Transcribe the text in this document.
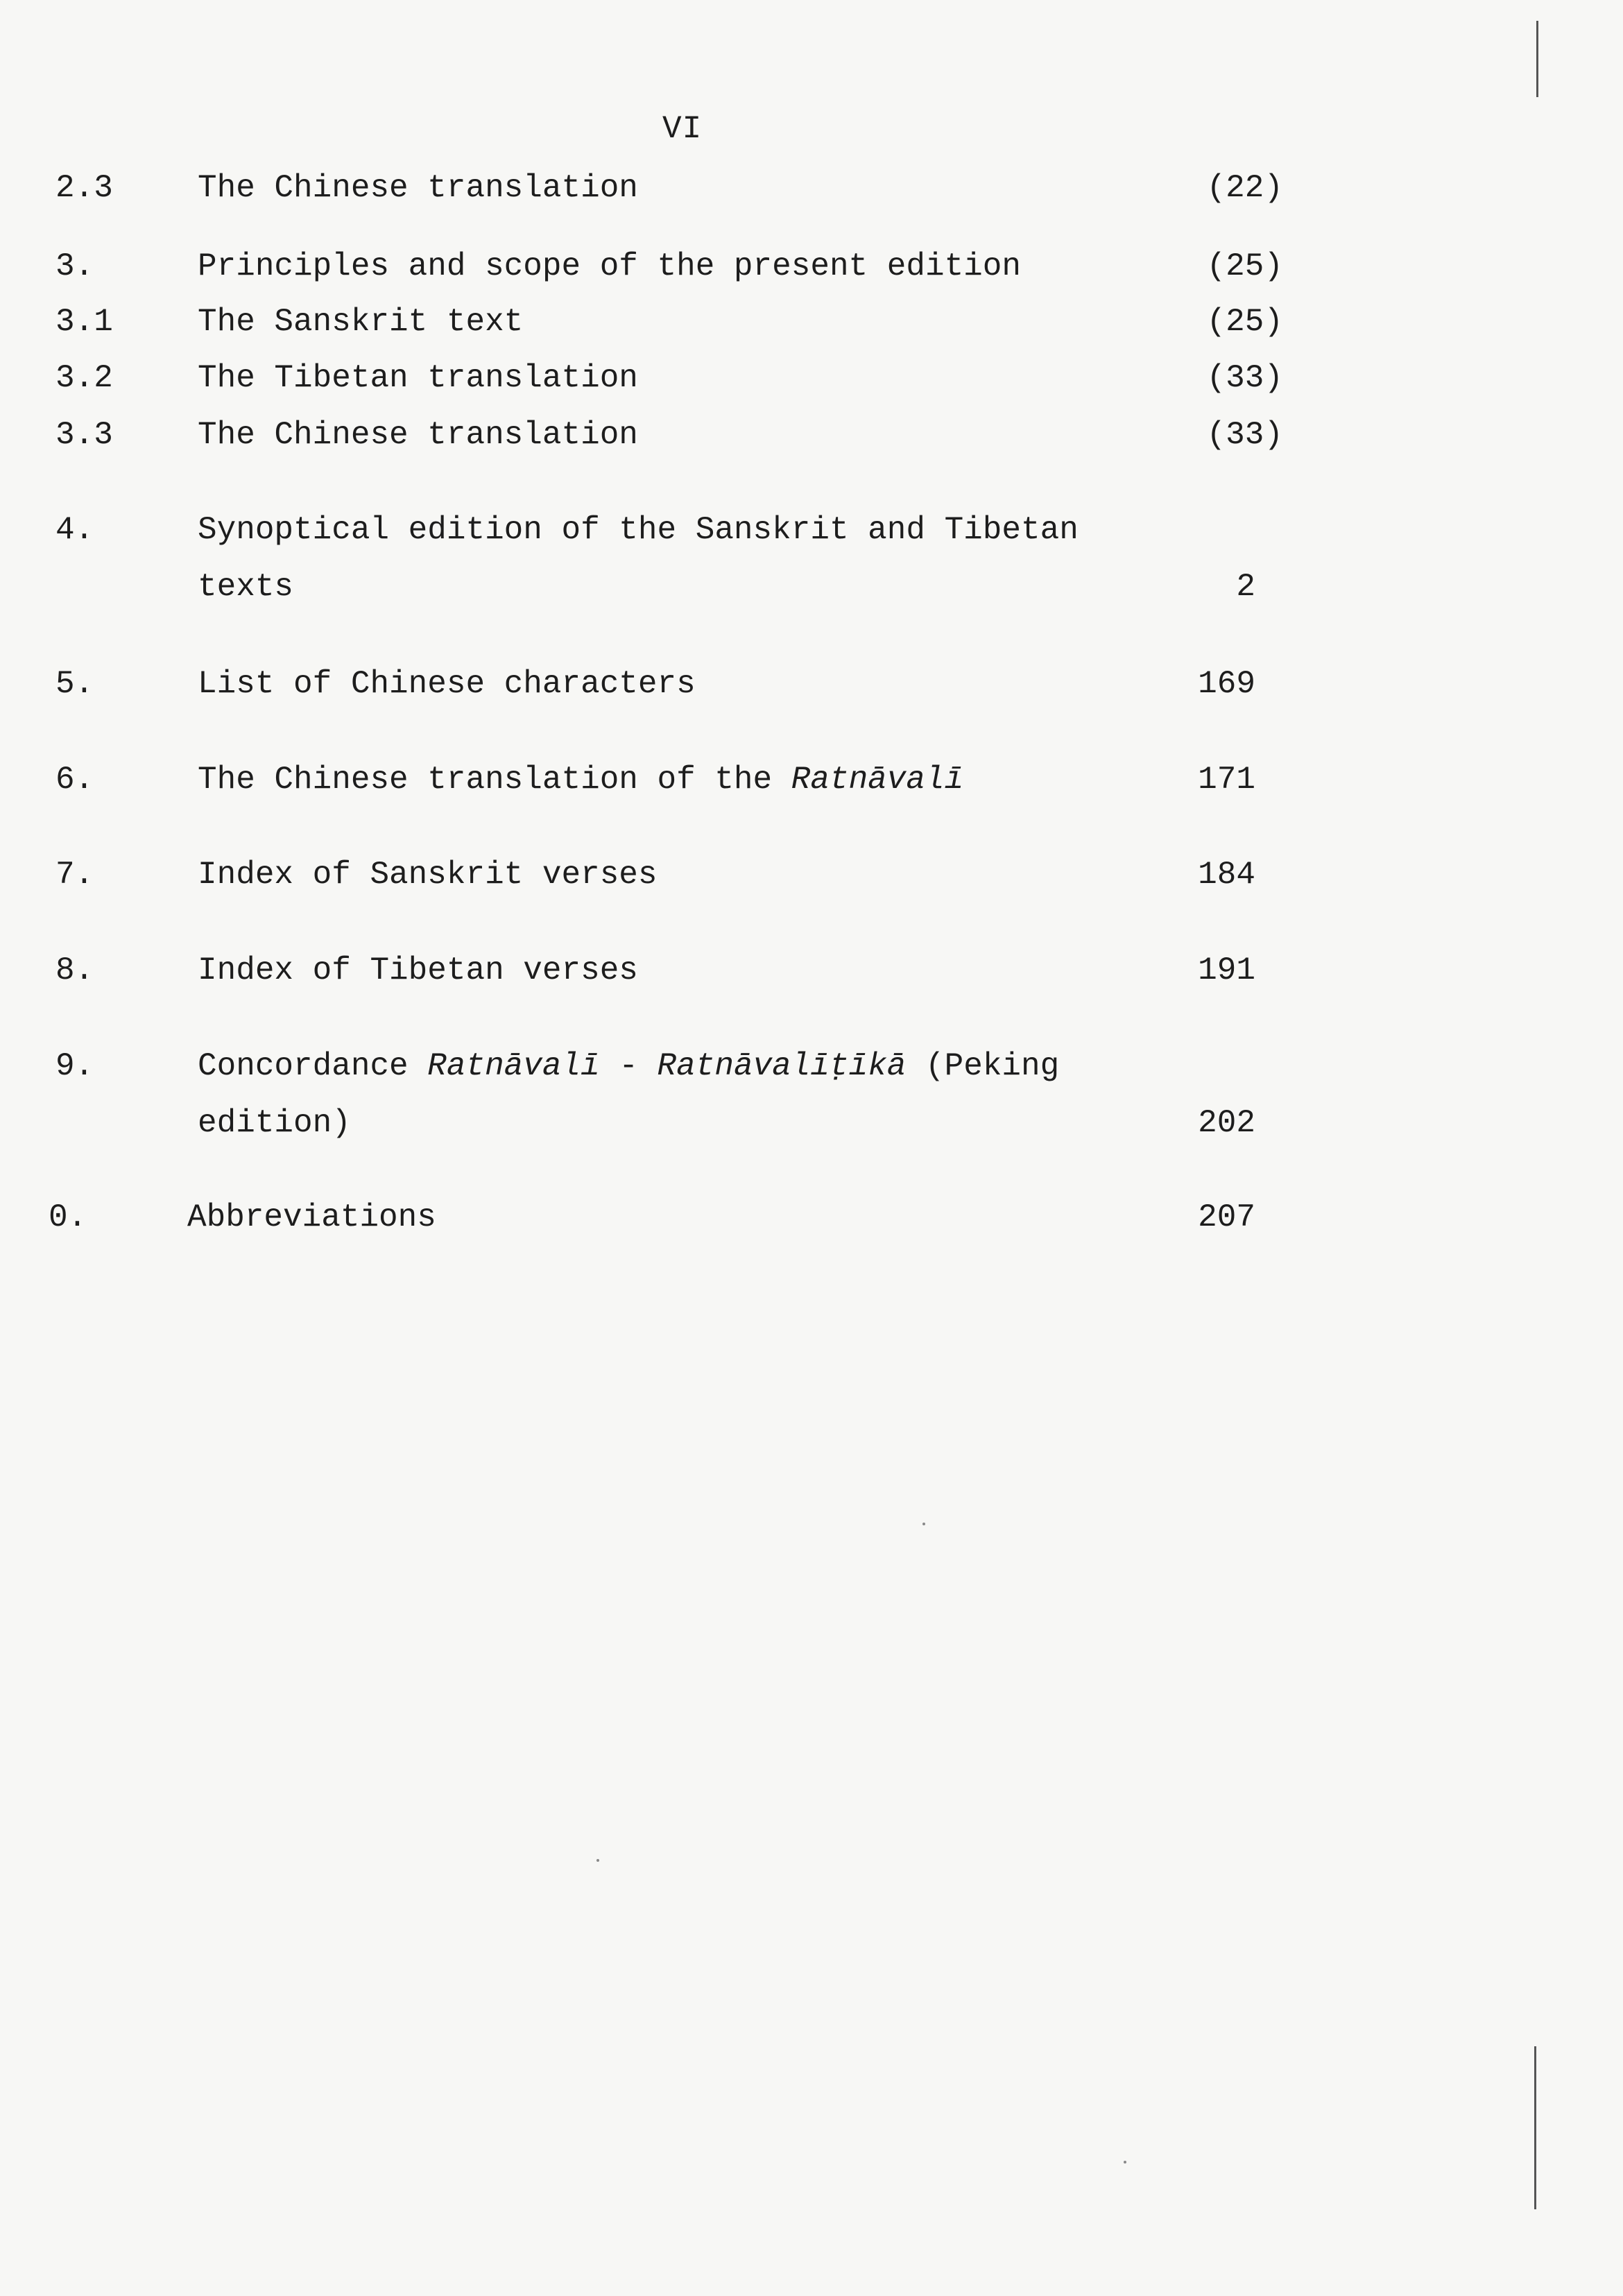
VI
2.3	The Chinese translation	(22)
3.	Principles and scope of the present edition	(25)
3.1	The Sanskrit text	(25)
3.2	The Tibetan translation	(33)
3.3	The Chinese translation	(33)
4.	Synoptical edition of the Sanskrit and Tibetan
texts	2
5.	List of Chinese characters	169
6.	The Chinese translation of the Ratnāvalī	171
7.	Index of Sanskrit verses	184
8.	Index of Tibetan verses	191
9.	Concordance Ratnāvalī - Ratnāvalīṭīkā (Peking
edition)	202
0.	Abbreviations	207
